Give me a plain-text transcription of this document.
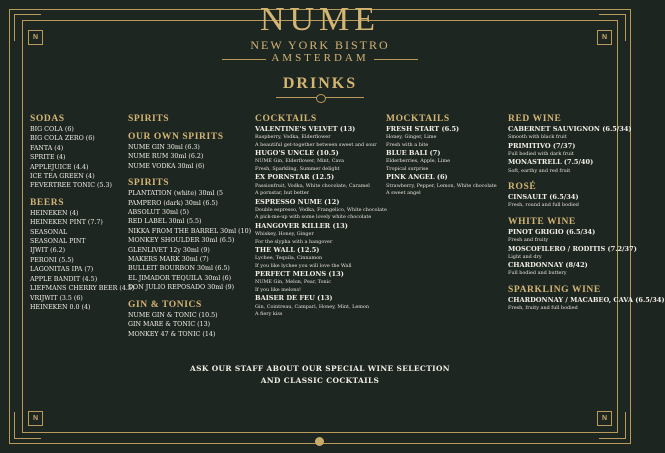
N	N
N	N
NUME
NEW YORK BISTRO
AMSTERDAM
DRINKS
SODAS
BIG COLA (6)
BIG COLA ZERO (6)
FANTA (4)
SPRITE (4)
APPLEJUICE (4.4)
ICE TEA GREEN (4)
FEVERTREE TONIC (5.3)
BEERS
HEINEKEN (4)
HEINEKEN PINT (7.7)
SEASONAL
SEASONAL PINT
IJWIT (6.2)
PERONI (5.5)
LAGONITAS IPA (7)
APPLE BANDIT (4.5)
LIEFMANS CHERRY BEER (4.5)
VRIJWIT (3.5 (6)
HEINEKEN 0.0 (4)
SPIRITS
OUR OWN SPIRITS
NUME GIN 30ml (6.3)
NUME RUM 30ml (6.2)
NUME VODKA 30ml (6)
SPIRITS
PLANTATION (white) 30ml (5
PAMPERO (dark) 30ml (6.5)
ABSOLUT 30ml (5)
RED LABEL 30ml (5.5)
NIKKA FROM THE BARREL 30ml (10)
MONKEY SHOULDER 30ml (6.5)
GLENLIVET 12y 30ml (9)
MAKERS MARK 30ml (7)
BULLEIT BOURBON 30ml (6.5)
EL JIMADOR TEQUILA 30ml (6)
DON JULIO REPOSADO 30ml (9)
GIN & TONICS
NUME GIN & TONIC (10.5)
GIN MARE & TONIC (13)
MONKEY 47 & TONIC (14)
COCKTAILS
VALENTINE'S VELVET (13)
Raspberry, Vodka, Elderflower
A beautiful get-together between sweet and sour
HUGO'S UNCLE (10.5)
NUME Gin, Elderflower, Mint, Cava
Fresh, Sparkling, Summer delight
EX PORNSTAR (12.5)
Passionfruit, Vodka, White chocolate, Caramel
A pornstar, but better
ESPRESSO NUME (12)
Double espresso, Vodka, Frangelico, White chocolate
A pick-me-up with some lovely white chocolate
HANGOVER KILLER (13)
Whiskey, Honey, Ginger
For the slypha with a hangover
THE WALL (12.5)
Lychee, Tequila, Cinnamon
If you like lychee you will love the Wall
PERFECT MELONS (13)
NUME Gin, Melon, Pear, Tonic
If you like melons!
BAISER DE FEU (13)
Gin, Cointreau, Campari, Honey, Mint, Lemon
A fiery kiss
MOCKTAILS
FRESH START (6.5)
Honey, Ginger, Lime
Fresh with a bite
BLUE BALI (7)
Elderberries, Apple, Lime
Tropical surprise
PINK ANGEL (6)
Strawberry, Pepper, Lemon, White chocolate
A sweet angel
RED WINE
CABERNET SAUVIGNON (6.5/34)
Smooth with black fruit
PRIMITIVO (7/37)
Full bodied with dark fruit
MONASTRELL (7.5/40)
Soft, earthy and red fruit
ROSÉ
CINSAULT (6.5/34)
Fresh, round and full bodied
WHITE WINE
PINOT GRIGIO (6.5/34)
Fresh and fruity
MOSCOFILERO / RODITIS (7.2/37)
Light and dry
CHARDONNAY (8/42)
Full bodied and buttery
SPARKLING WINE
CHARDONNAY / MACABEO, CAVA (6.5/34)
Fresh, fruity and full bodied
ASK OUR STAFF ABOUT OUR SPECIAL WINE SELECTION
AND CLASSIC COCKTAILS
